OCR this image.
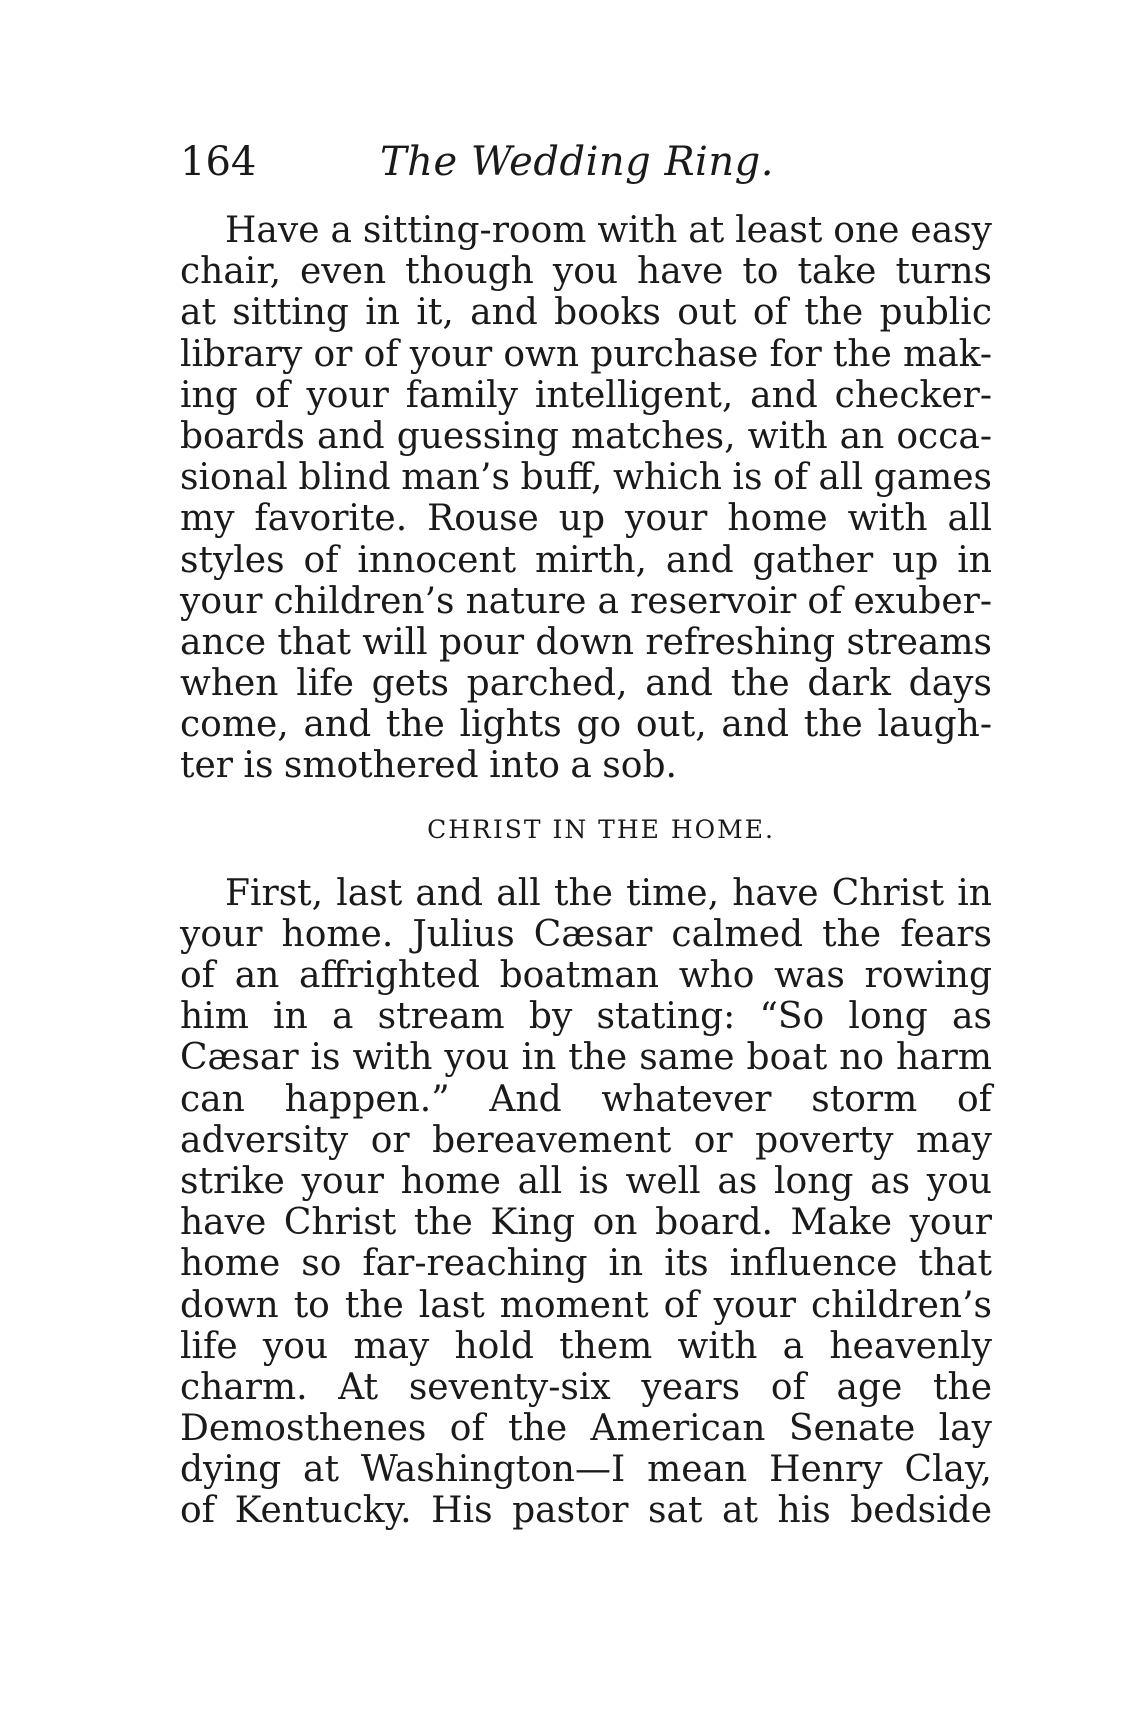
164	The Wedding Ring.
Have a sitting-room with at least one easy
chair, even though you have to take turns
at sitting in it, and books out of the public
library or of your own purchase for the mak-
ing of your family intelligent, and checker-
boards and guessing matches, with an occa-
sional blind man’s buff, which is of all games
my favorite. Rouse up your home with all
styles of innocent mirth, and gather up in
your children’s nature a reservoir of exuber-
ance that will pour down refreshing streams
when life gets parched, and the dark days
come, and the lights go out, and the laugh-
ter is smothered into a sob.
CHRIST IN THE HOME.
First, last and all the time, have Christ in
your home. Julius Cæsar calmed the fears
of an affrighted boatman who was rowing
him in a stream by stating: “So long as
Cæsar is with you in the same boat no harm
can happen.” And whatever storm of
adversity or bereavement or poverty may
strike your home all is well as long as you
have Christ the King on board. Make your
home so far-reaching in its influence that
down to the last moment of your children’s
life you may hold them with a heavenly
charm. At seventy-six years of age the
Demosthenes of the American Senate lay
dying at Washington—I mean Henry Clay,
of Kentucky. His pastor sat at his bedside
